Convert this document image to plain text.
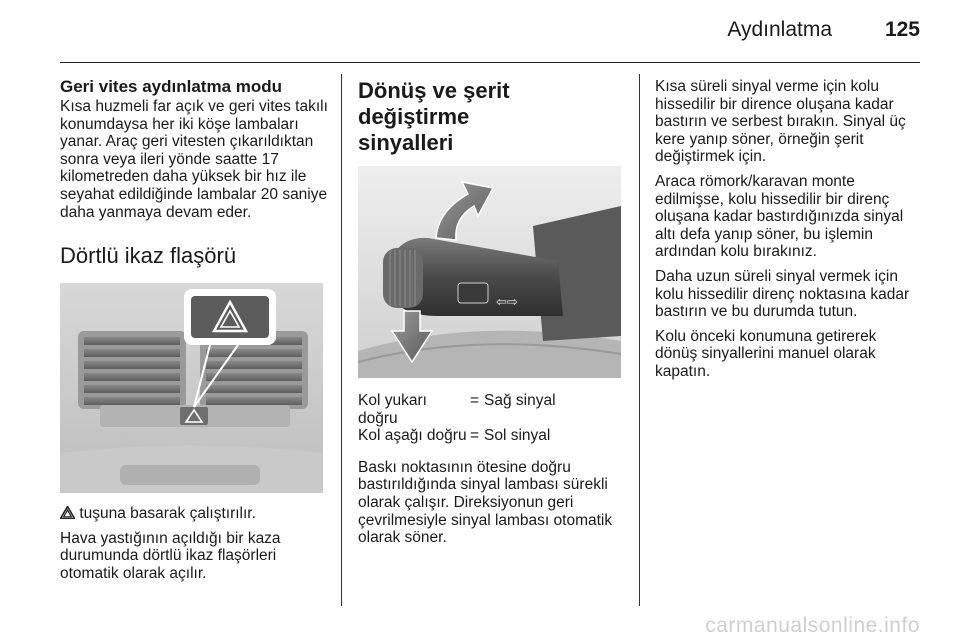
Aydınlatma	125
Geri vites aydınlatma modu

Kısa huzmeli far açık ve geri vites takılı konumdaysa her iki köşe lambaları yanar. Araç geri vitesten çıkarıldıktan sonra veya ileri yönde saatte 17 kilometreden daha yüksek bir hız ile seyahat edildiğinde lambalar 20 saniye daha yanmaya devam eder.

Dörtlü ikaz flaşörü

tuşuna basarak çalıştırılır.

Hava yastığının açıldığı bir kaza durumunda dörtlü ikaz flaşörleri otomatik olarak açılır.

Dönüş ve şerit değiştirme
sinyalleri
⇦⇨
Kol yukarı doğru	=	Sağ sinyal
Kol aşağı doğru	=	Sol sinyal

Baskı noktasının ötesine doğru bastırıldığında sinyal lambası sürekli olarak çalışır. Direksiyonun geri çevrilmesiyle sinyal lambası otomatik olarak söner.

Kısa süreli sinyal verme için kolu hissedilir bir dirence oluşana kadar bastırın ve serbest bırakın. Sinyal üç kere yanıp söner, örneğin şerit değiştirmek için.

Araca römork/karavan monte edilmişse, kolu hissedilir bir direnç oluşana kadar bastırdığınızda sinyal altı defa yanıp söner, bu işlemin ardından kolu bırakınız.

Daha uzun süreli sinyal vermek için kolu hissedilir direnç noktasına kadar bastırın ve bu durumda tutun.

Kolu önceki konumuna getirerek dönüş sinyallerini manuel olarak kapatın.

carmanualsonline.info
